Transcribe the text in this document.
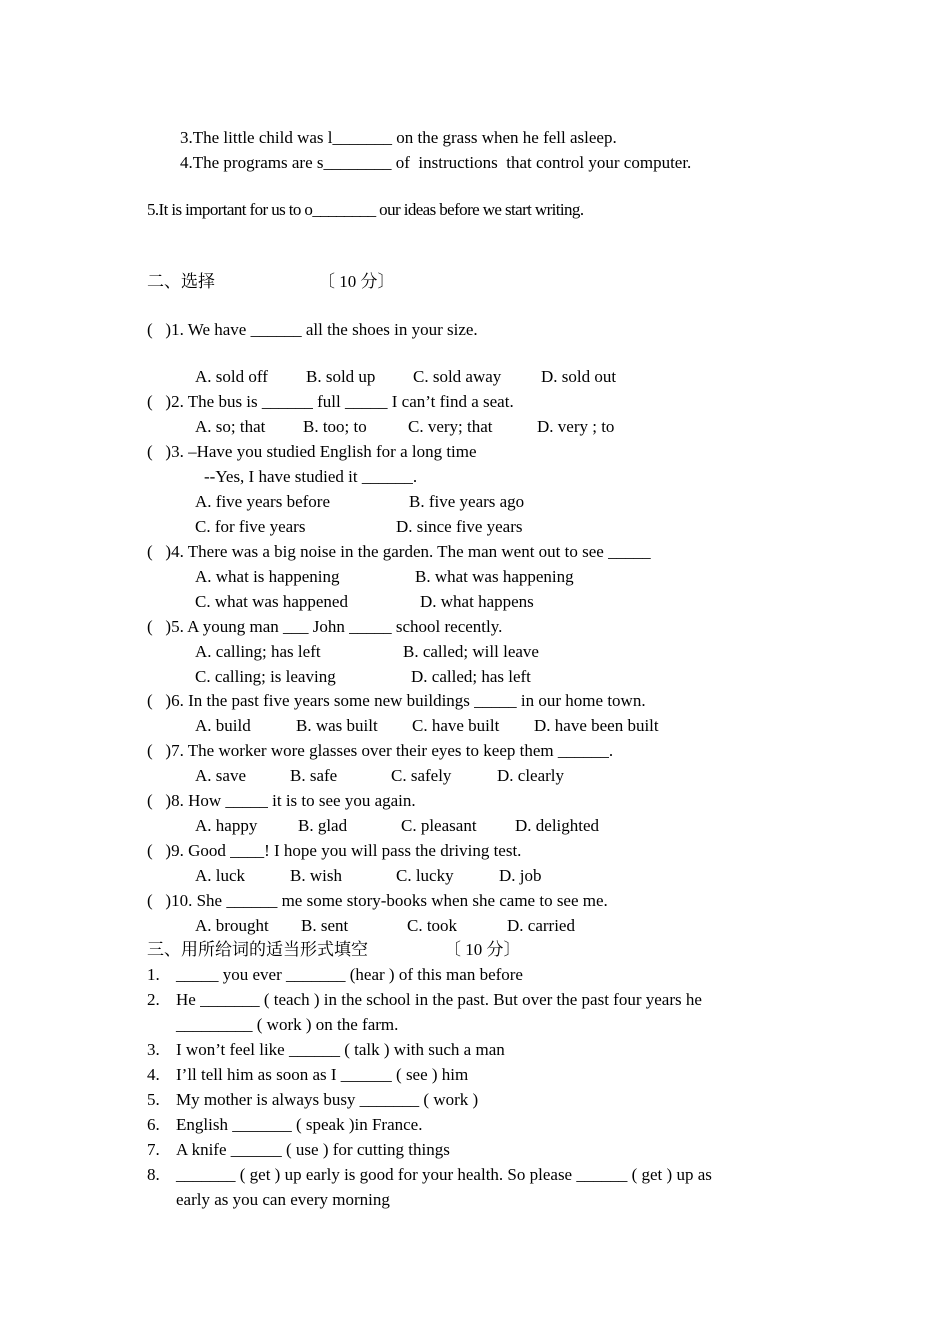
3.The little child was l_______ on the grass when he fell asleep.
4.The programs are s________ of  instructions  that control your computer.
5.It is important for us to o________ our ideas before we start writing.
二、选择	〔 10 分〕
(   )1. We have ______ all the shoes in your size.
A. sold off B. sold up C. sold away D. sold out
(   )2. The bus is ______ full _____ I can’t find a seat.
A. so; that B. too; to C. very; that	D. very ; to
(   )3. –Have you studied English for a long time
--Yes, I have studied it ______.
A. five years before	B. five years ago
C. for five years	D. since five years
(   )4. There was a big noise in the garden. The man went out to see _____
A. what is happening	B. what was happening
C. what was happened	D. what happens
(   )5. A young man ___ John _____ school recently.
A. calling; has left	B. called; will leave
C. calling; is leaving	D. called; has left
(   )6. In the past five years some new buildings _____ in our home town.
A. build	B. was built C. have built D. have been built
(   )7. The worker wore glasses over their eyes to keep them ______.
A. save	B. safe	C. safely	D. clearly
(   )8. How _____ it is to see you again.
A. happy B. glad	C. pleasant D. delighted
(   )9. Good ____! I hope you will pass the driving test.
A. luck	B. wish	C. lucky	D. job
(   )10. She ______ me some story-books when she came to see me.
A. brought B. sent	C. took	D. carried
三、用所给词的适当形式填空	〔 10 分〕
1. _____ you ever _______ (hear ) of this man before
2. He _______ ( teach ) in the school in the past. But over the past four years he
_________ ( work ) on the farm.
3. I won’t feel like ______ ( talk ) with such a man
4. I’ll tell him as soon as I ______ ( see ) him
5. My mother is always busy _______ ( work )
6. English _______ ( speak )in France.
7. A knife ______ ( use ) for cutting things
8. _______ ( get ) up early is good for your health. So please ______ ( get ) up as
early as you can every morning
